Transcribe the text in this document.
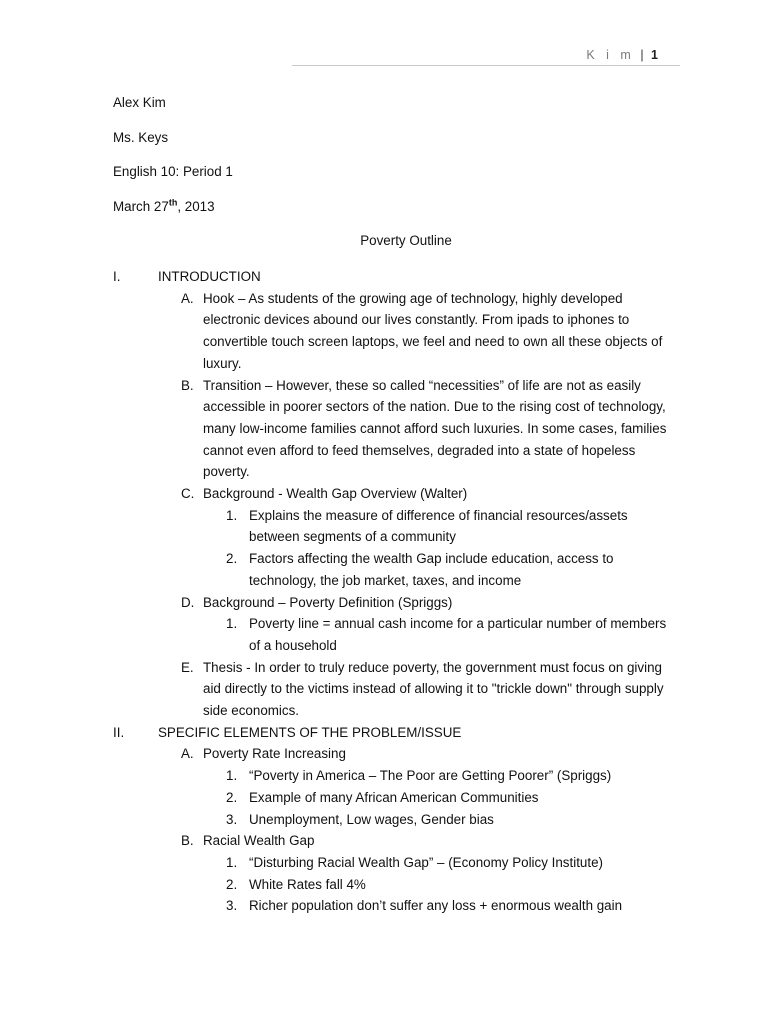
K i m | 1
Alex Kim
Ms. Keys
English 10: Period 1
March 27th, 2013
Poverty Outline
I.	INTRODUCTION
A. Hook – As students of the growing age of technology, highly developed electronic devices abound our lives constantly. From ipads to iphones to convertible touch screen laptops, we feel and need to own all these objects of luxury.
B. Transition – However, these so called “necessities” of life are not as easily accessible in poorer sectors of the nation. Due to the rising cost of technology, many low-income families cannot afford such luxuries. In some cases, families cannot even afford to feed themselves, degraded into a state of hopeless poverty.
C. Background - Wealth Gap Overview (Walter)
1. Explains the measure of difference of financial resources/assets between segments of a community
2. Factors affecting the wealth Gap include education, access to technology, the job market, taxes, and income
D. Background – Poverty Definition (Spriggs)
1. Poverty line = annual cash income for a particular number of members of a household
E. Thesis - In order to truly reduce poverty, the government must focus on giving aid directly to the victims instead of allowing it to "trickle down" through supply side economics.
II.	SPECIFIC ELEMENTS OF THE PROBLEM/ISSUE
A. Poverty Rate Increasing
1. “Poverty in America – The Poor are Getting Poorer” (Spriggs)
2. Example of many African American Communities
3. Unemployment, Low wages, Gender bias
B. Racial Wealth Gap
1. “Disturbing Racial Wealth Gap” – (Economy Policy Institute)
2. White Rates fall 4%
3. Richer population don’t suffer any loss + enormous wealth gain
